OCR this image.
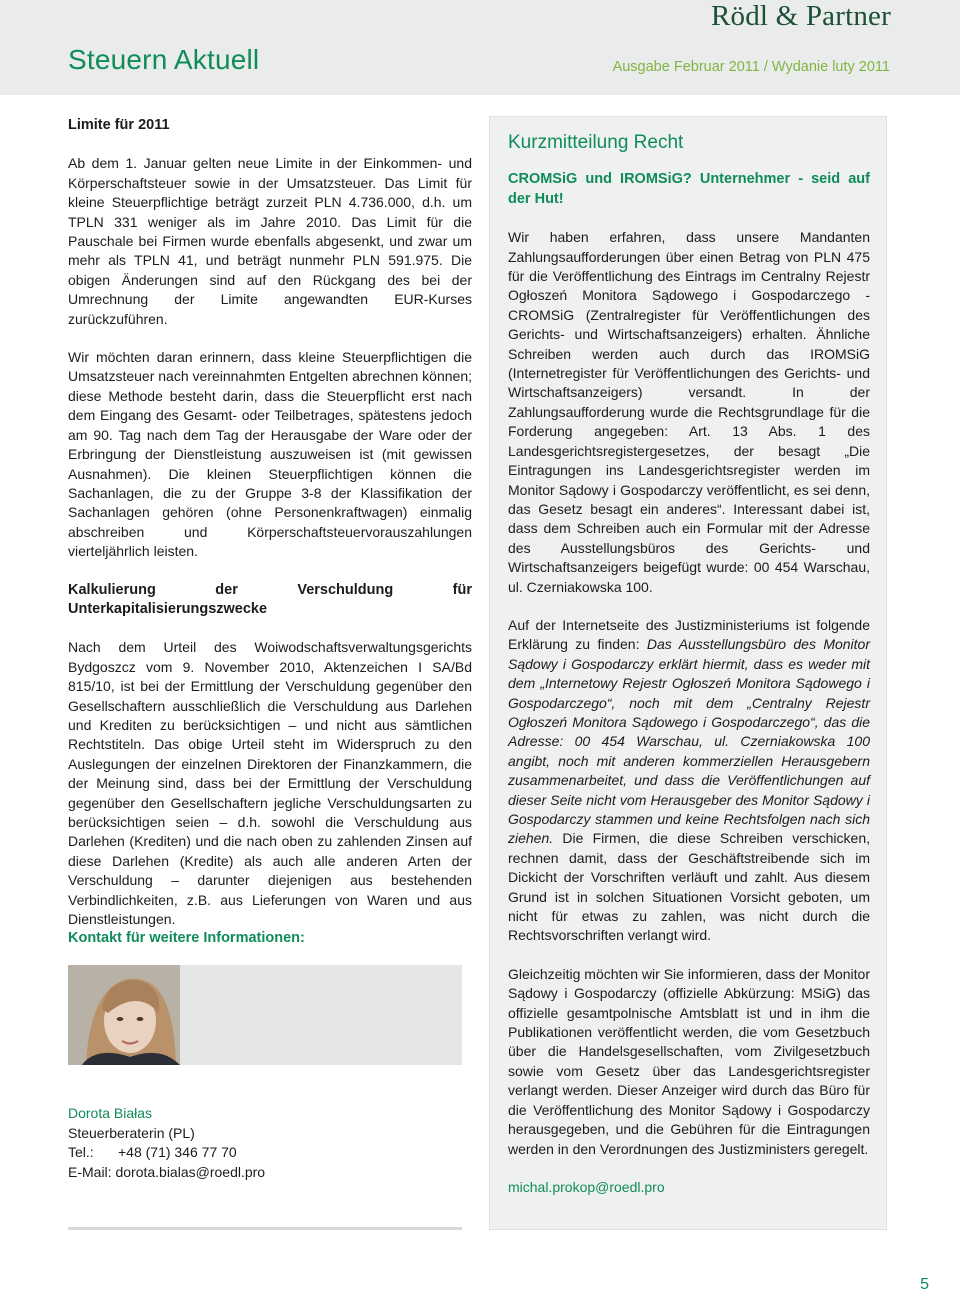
Rödl & Partner
Steuern Aktuell	Ausgabe Februar 2011 / Wydanie luty 2011
Limite für 2011

Ab dem 1. Januar gelten neue Limite in der Einkommen- und Körperschaftsteuer sowie in der Umsatzsteuer. Das Limit für kleine Steuerpflichtige beträgt zurzeit PLN 4.736.000, d.h. um TPLN 331 weniger als im Jahre 2010. Das Limit für die Pauschale bei Firmen wurde ebenfalls abgesenkt, und zwar um mehr als TPLN 41, und beträgt nunmehr PLN 591.975. Die obigen Änderungen sind auf den Rückgang des bei der Umrechnung der Limite angewandten EUR-Kurses zurückzuführen.

Wir möchten daran erinnern, dass kleine Steuerpflichtigen die Umsatzsteuer nach vereinnahmten Entgelten abrechnen können; diese Methode besteht darin, dass die Steuerpflicht erst nach dem Eingang des Gesamt- oder Teilbetrages, spätestens jedoch am 90. Tag nach dem Tag der Herausgabe der Ware oder der Erbringung der Dienstleistung auszuweisen ist (mit gewissen Ausnahmen). Die kleinen Steuerpflichtigen können die Sachanlagen, die zu der Gruppe 3-8 der Klassifikation der Sachanlagen gehören (ohne Personenkraftwagen) einmalig abschreiben und Körperschaftsteuervorauszahlungen vierteljährlich leisten.

Kalkulierung der Verschuldung für Unterkapitalisierungszwecke

Nach dem Urteil des Woiwodschaftsverwaltungsgerichts Bydgoszcz vom 9. November 2010, Aktenzeichen I SA/Bd 815/10, ist bei der Ermittlung der Verschuldung gegenüber den Gesellschaftern ausschließlich die Verschuldung aus Darlehen und Krediten zu berücksichtigen – und nicht aus sämtlichen Rechtstiteln. Das obige Urteil steht im Widerspruch zu den Auslegungen der einzelnen Direktoren der Finanzkammern, die der Meinung sind, dass bei der Ermittlung der Verschuldung gegenüber den Gesellschaftern jegliche Verschuldungsarten zu berücksichtigen seien – d.h. sowohl die Verschuldung aus Darlehen (Krediten) und die nach oben zu zahlenden Zinsen auf diese Darlehen (Kredite) als auch alle anderen Arten der Verschuldung – darunter diejenigen aus bestehenden Verbindlichkeiten, z.B. aus Lieferungen von Waren und aus Dienstleistungen.

Kontakt für weitere Informationen:
Dorota Białas
Steuerberaterin (PL)
Tel.: +48 (71) 346 77 70
E-Mail: dorota.bialas@roedl.pro
Kurzmitteilung Recht
CROMSiG und IROMSiG? Unternehmer - seid auf der Hut!

Wir haben erfahren, dass unsere Mandanten Zahlungsaufforderungen über einen Betrag von PLN 475 für die Veröffentlichung des Eintrags im Centralny Rejestr Ogłoszeń Monitora Sądowego i Gospodarczego - CROMSiG (Zentralregister für Veröffentlichungen des Gerichts- und Wirtschaftsanzeigers) erhalten. Ähnliche Schreiben werden auch durch das IROMSiG (Internetregister für Veröffentlichungen des Gerichts- und Wirtschaftsanzeigers) versandt. In der Zahlungsaufforderung wurde die Rechtsgrundlage für die Forderung angegeben: Art. 13 Abs. 1 des Landesgerichtsregistergesetzes, der besagt „Die Eintragungen ins Landesgerichtsregister werden im Monitor Sądowy i Gospodarczy veröffentlicht, es sei denn, das Gesetz besagt ein anderes“. Interessant dabei ist, dass dem Schreiben auch ein Formular mit der Adresse des Ausstellungsbüros des Gerichts- und Wirtschaftsanzeigers beigefügt wurde: 00 454 Warschau, ul. Czerniakowska 100.

Auf der Internetseite des Justizministeriums ist folgende Erklärung zu finden: Das Ausstellungsbüro des Monitor Sądowy i Gospodarczy erklärt hiermit, dass es weder mit dem „Internetowy Rejestr Ogłoszeń Monitora Sądowego i Gospodarczego“, noch mit dem „Centralny Rejestr Ogłoszeń Monitora Sądowego i Gospodarczego“, das die Adresse: 00 454 Warschau, ul. Czerniakowska 100 angibt, noch mit anderen kommerziellen Herausgebern zusammenarbeitet, und dass die Veröffentlichungen auf dieser Seite nicht vom Herausgeber des Monitor Sądowy i Gospodarczy stammen und keine Rechtsfolgen nach sich ziehen. Die Firmen, die diese Schreiben verschicken, rechnen damit, dass der Geschäftstreibende sich im Dickicht der Vorschriften verläuft und zahlt. Aus diesem Grund ist in solchen Situationen Vorsicht geboten, um nicht für etwas zu zahlen, was nicht durch die Rechtsvorschriften verlangt wird.

Gleichzeitig möchten wir Sie informieren, dass der Monitor Sądowy i Gospodarczy (offizielle Abkürzung: MSiG) das offizielle gesamtpolnische Amtsblatt ist und in ihm die Publikationen veröffentlicht werden, die vom Gesetzbuch über die Handelsgesellschaften, vom Zivilgesetzbuch sowie vom Gesetz über das Landesgerichtsregister verlangt werden. Dieser Anzeiger wird durch das Büro für die Veröffentlichung des Monitor Sądowy i Gospodarczy herausgegeben, und die Gebühren für die Eintragungen werden in den Verordnungen des Justizministers geregelt.

michal.prokop@roedl.pro
5
